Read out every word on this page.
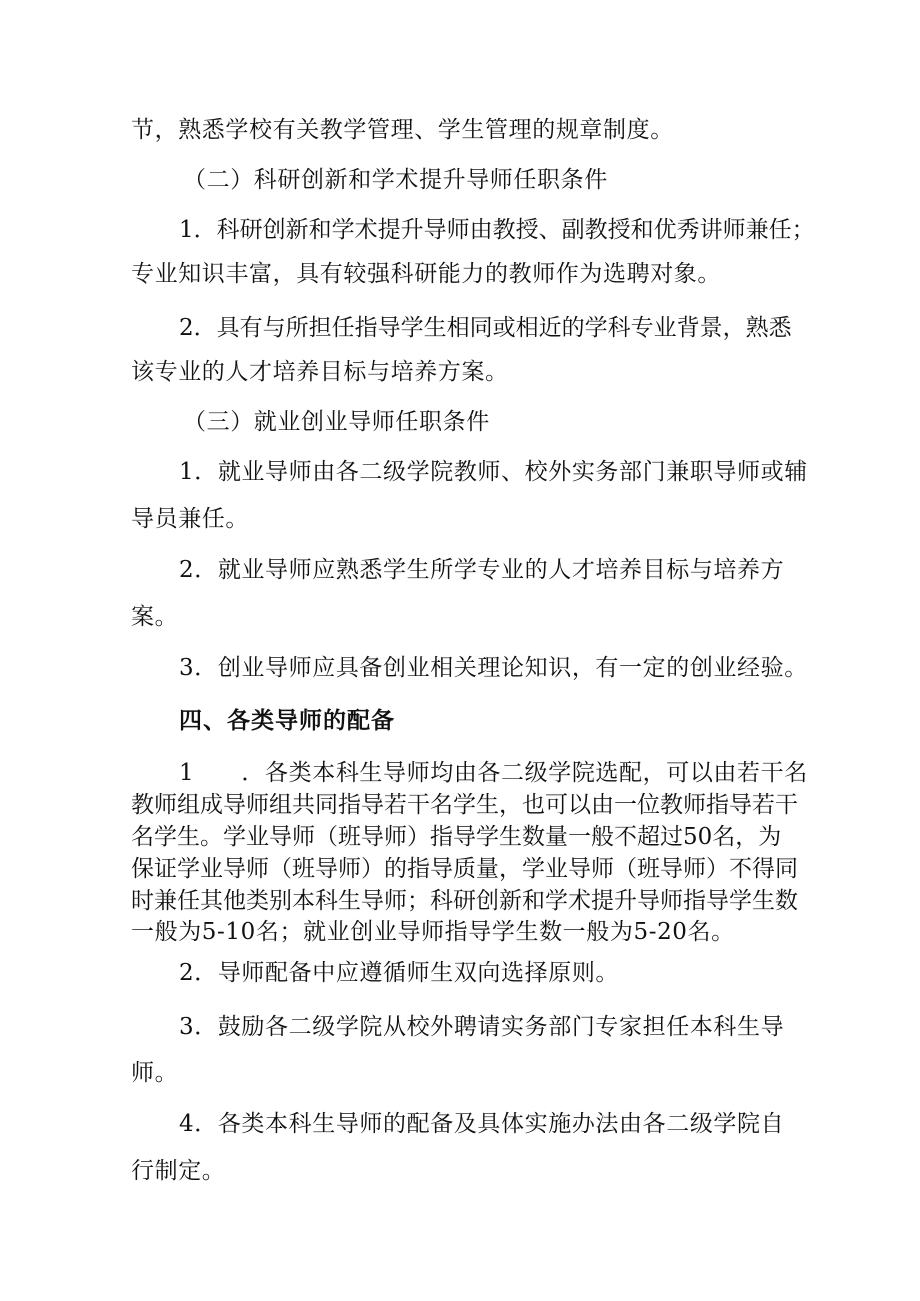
节，熟悉学校有关教学管理、学生管理的规章制度。

（二）科研创新和学术提升导师任职条件

1．科研创新和学术提升导师由教授、副教授和优秀讲师兼任；

专业知识丰富，具有较强科研能力的教师作为选聘对象。

2．具有与所担任指导学生相同或相近的学科专业背景，熟悉

该专业的人才培养目标与培养方案。

（三）就业创业导师任职条件

1．就业导师由各二级学院教师、校外实务部门兼职导师或辅

导员兼任。

2．就业导师应熟悉学生所学专业的人才培养目标与培养方

案。

3．创业导师应具备创业相关理论知识，有一定的创业经验。

四、各类导师的配备

1　　．各类本科生导师均由各二级学院选配，可以由若干名

教师组成导师组共同指导若干名学生，也可以由一位教师指导若干

名学生。学业导师（班导师）指导学生数量一般不超过50名，为

保证学业导师（班导师）的指导质量，学业导师（班导师）不得同

时兼任其他类别本科生导师；科研创新和学术提升导师指导学生数

一般为5-10名；就业创业导师指导学生数一般为5-20名。

2．导师配备中应遵循师生双向选择原则。

3．鼓励各二级学院从校外聘请实务部门专家担任本科生导

师。

4．各类本科生导师的配备及具体实施办法由各二级学院自

行制定。
